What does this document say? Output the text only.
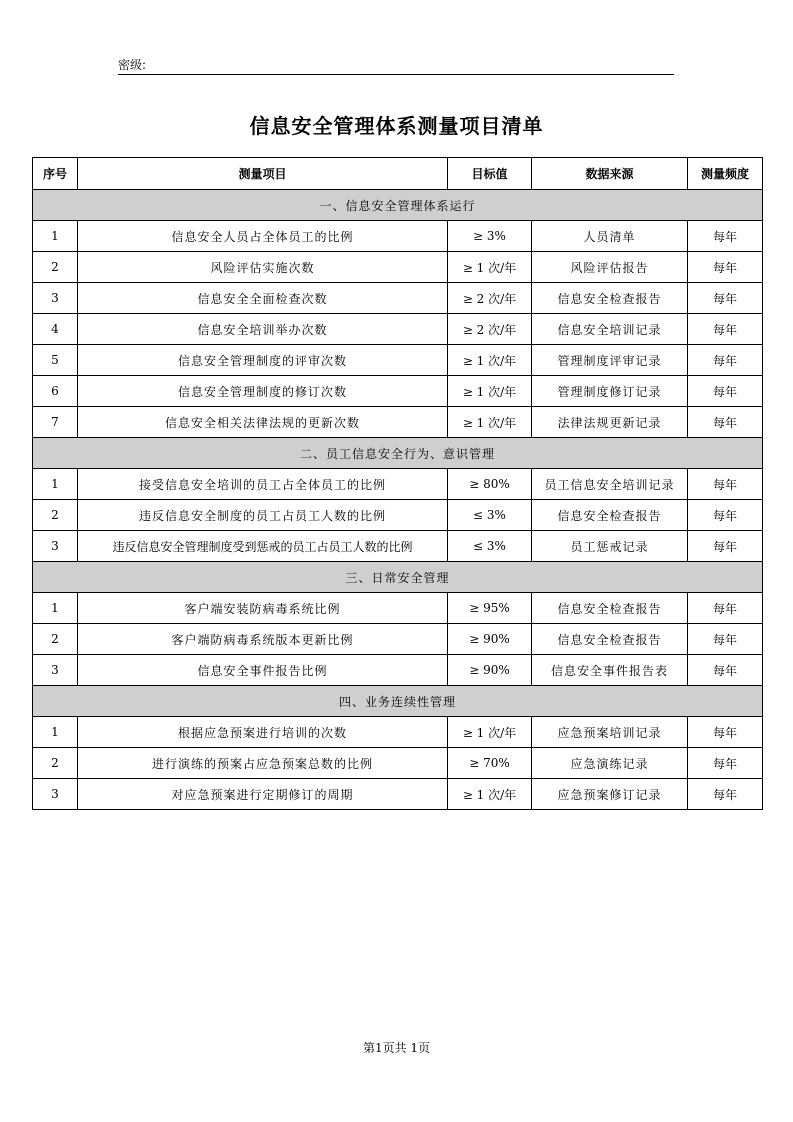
密级:
信息安全管理体系测量项目清单
序号	测量项目	目标值	数据来源	测量频度
一、信息安全管理体系运行				
1	信息安全人员占全体员工的比例	≥ 3%	人员清单	每年
2	风险评估实施次数	≥ 1 次/年	风险评估报告	每年
3	信息安全全面检查次数	≥ 2 次/年	信息安全检查报告	每年
4	信息安全培训举办次数	≥ 2 次/年	信息安全培训记录	每年
5	信息安全管理制度的评审次数	≥ 1 次/年	管理制度评审记录	每年
6	信息安全管理制度的修订次数	≥ 1 次/年	管理制度修订记录	每年
7	信息安全相关法律法规的更新次数	≥ 1 次/年	法律法规更新记录	每年
二、员工信息安全行为、意识管理				
1	接受信息安全培训的员工占全体员工的比例	≥ 80%	员工信息安全培训记录	每年
2	违反信息安全制度的员工占员工人数的比例	≤ 3%	信息安全检查报告	每年
3	违反信息安全管理制度受到惩戒的员工占员工人数的比例	≤ 3%	员工惩戒记录	每年
三、日常安全管理				
1	客户端安装防病毒系统比例	≥ 95%	信息安全检查报告	每年
2	客户端防病毒系统版本更新比例	≥ 90%	信息安全检查报告	每年
3	信息安全事件报告比例	≥ 90%	信息安全事件报告表	每年
四、业务连续性管理				
1	根据应急预案进行培训的次数	≥ 1 次/年	应急预案培训记录	每年
2	进行演练的预案占应急预案总数的比例	≥ 70%	应急演练记录	每年
3	对应急预案进行定期修订的周期	≥ 1 次/年	应急预案修订记录	每年
第1页共 1页
